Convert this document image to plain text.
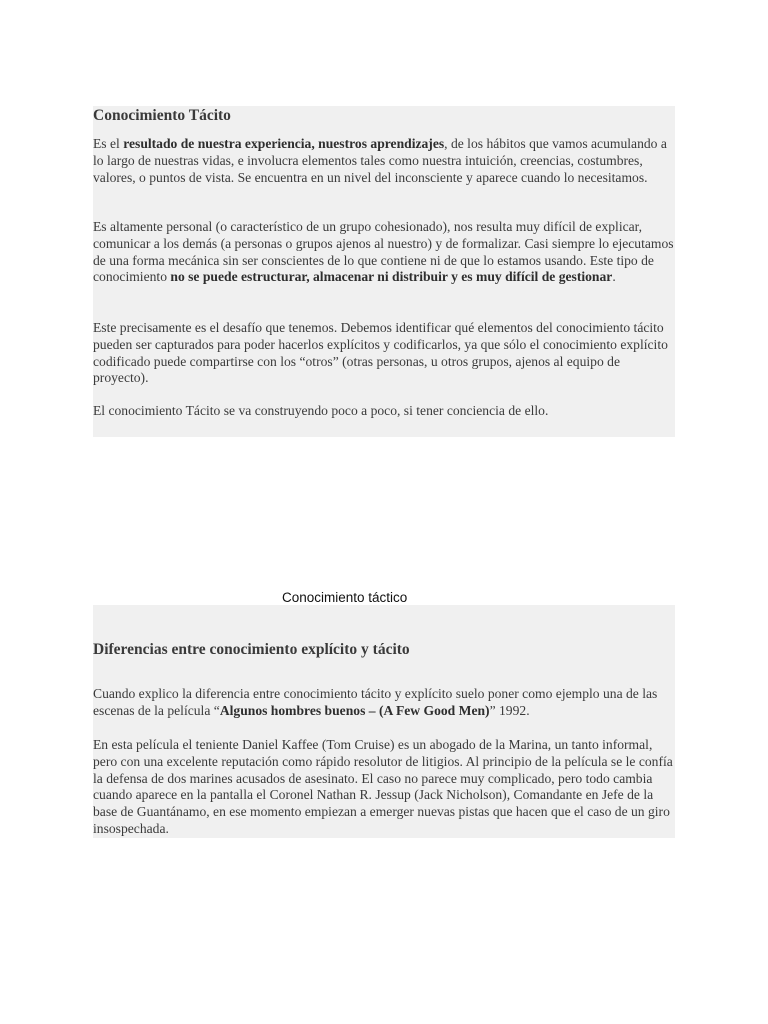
Conocimiento Tácito

Es el resultado de nuestra experiencia, nuestros aprendizajes, de los hábitos que vamos acumulando a lo largo de nuestras vidas, e involucra elementos tales como nuestra intuición, creencias, costumbres, valores, o puntos de vista. Se encuentra en un nivel del inconsciente y aparece cuando lo necesitamos.

Es altamente personal (o característico de un grupo cohesionado), nos resulta muy difícil de explicar, comunicar a los demás (a personas o grupos ajenos al nuestro) y de formalizar. Casi siempre lo ejecutamos de una forma mecánica sin ser conscientes de lo que contiene ni de que lo estamos usando. Este tipo de conocimiento no se puede estructurar, almacenar ni distribuir y es muy difícil de gestionar.

Este precisamente es el desafío que tenemos. Debemos identificar qué elementos del conocimiento tácito pueden ser capturados para poder hacerlos explícitos y codificarlos, ya que sólo el conocimiento explícito codificado puede compartirse con los “otros” (otras personas, u otros grupos, ajenos al equipo de proyecto).

El conocimiento Tácito se va construyendo poco a poco, si tener conciencia de ello.

Conocimiento táctico
Diferencias entre conocimiento explícito y tácito

Cuando explico la diferencia entre conocimiento tácito y explícito suelo poner como ejemplo una de las escenas de la película “Algunos hombres buenos – (A Few Good Men)” 1992.

En esta película el teniente Daniel Kaffee (Tom Cruise) es un abogado de la Marina, un tanto informal, pero con una excelente reputación como rápido resolutor de litigios. Al principio de la película se le confía la defensa de dos marines acusados de asesinato. El caso no parece muy complicado, pero todo cambia cuando aparece en la pantalla el Coronel Nathan R. Jessup (Jack Nicholson), Comandante en Jefe de la base de Guantánamo, en ese momento empiezan a emerger nuevas pistas que hacen que el caso de un giro insospechada.
